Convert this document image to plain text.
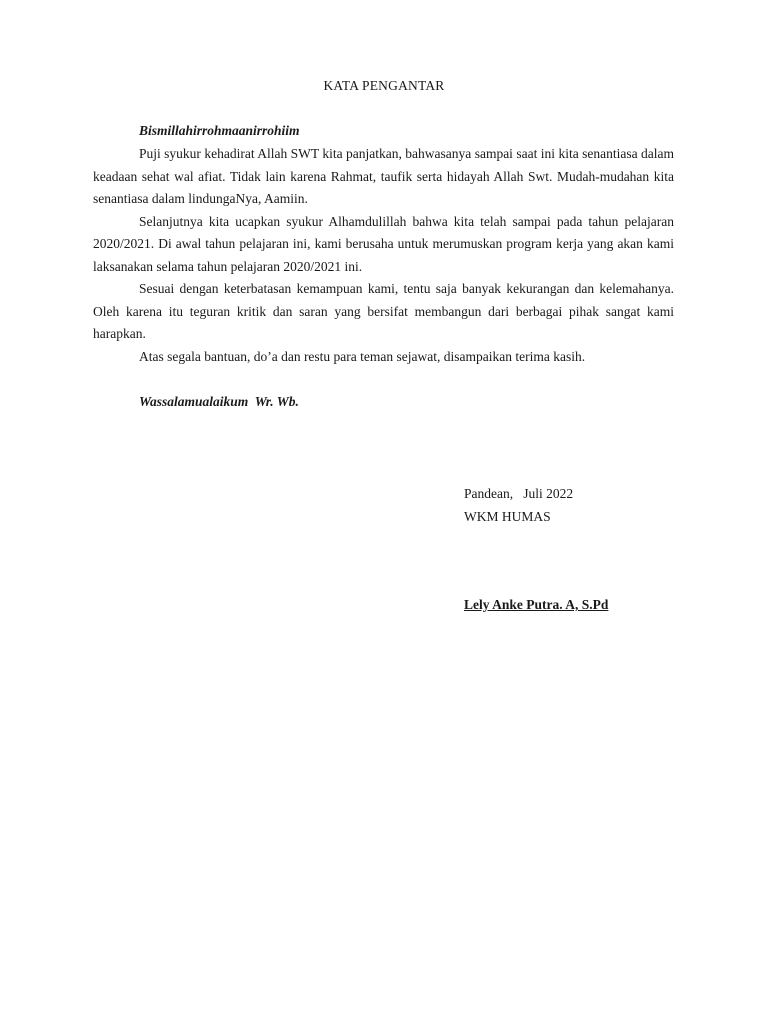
KATA PENGANTAR
Bismillahirrohmaanirrohiim

Puji syukur kehadirat Allah SWT kita panjatkan, bahwasanya sampai saat ini kita senantiasa dalam keadaan sehat wal afiat. Tidak lain karena Rahmat, taufik serta hidayah Allah Swt. Mudah-mudahan kita senantiasa dalam lindungaNya, Aamiin.

Selanjutnya kita ucapkan syukur Alhamdulillah bahwa kita telah sampai pada tahun pelajaran 2020/2021. Di awal tahun pelajaran ini, kami berusaha untuk merumuskan program kerja yang akan kami laksanakan selama tahun pelajaran 2020/2021 ini.

Sesuai dengan keterbatasan kemampuan kami, tentu saja banyak kekurangan dan kelemahanya. Oleh karena itu teguran kritik dan saran yang bersifat membangun dari berbagai pihak sangat kami harapkan.

Atas segala bantuan, do’a dan restu para teman sejawat, disampaikan terima kasih.

Wassalamualaikum  Wr. Wb.
Pandean,   Juli 2022
WKM HUMAS
Lely Anke Putra. A, S.Pd
